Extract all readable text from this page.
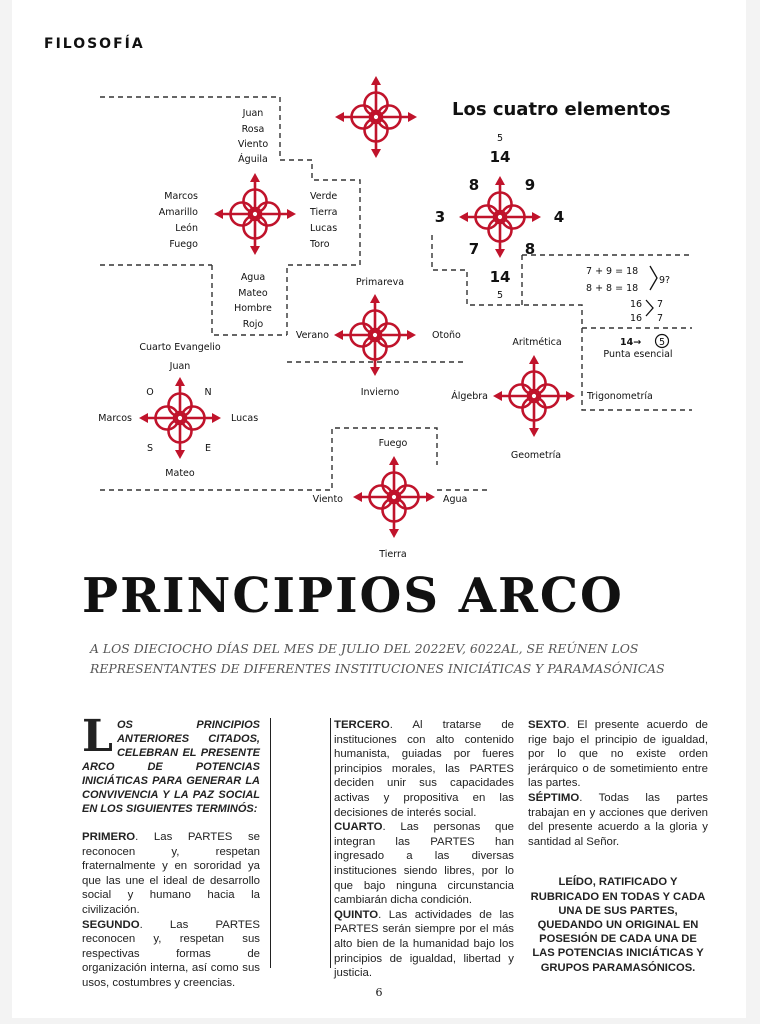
FILOSOFÍA
Los cuatro elementos
Juan
Rosa
Viento
Águila
Agua
Mateo
Hombre
Rojo
Marcos
Amarillo
León
Fuego
Verde
Tierra
Lucas
Toro
5
14
8	9
3	4
7	8
14
5
7 + 9 = 18
8 + 8 = 18
9?
16
16
7
7
14→ 5
Punta esencial
Primareva
Verano	Otoño
Invierno
Aritmética
Álgebra	Trigonometría
Geometría
Cuarto Evangelio
Juan
Marcos	Lucas
Mateo
O	N
S	E	Fuego
Viento	Agua
Tierra
PRINCIPIOS ARCO
A LOS DIECIOCHO DÍAS DEL MES DE JULIO DEL 2022EV, 6022AL, SE REÚNEN LOS REPRESENTANTES DE DIFERENTES INSTITUCIONES INICIÁTICAS Y PARAMASÓNICAS

LOS PRINCIPIOS ANTERIORES CITADOS, CELEBRAN EL PRESENTE ARCO DE POTENCIAS INICIÁTICAS PARA GENERAR LA CONVIVENCIA Y LA PAZ SOCIAL EN LOS SIGUIENTES TERMINÓS:

PRIMERO. Las PARTES se reconocen y, respetan fraternalmente y en sororidad ya que las une el ideal de desarrollo social y humano hacia la civilización.

SEGUNDO. Las PARTES reconocen y, respetan sus respectivas formas de organización interna, así como sus usos, costumbres y creencias.

TERCERO. Al tratarse de instituciones con alto contenido humanista, guiadas por fueres principios morales, las PARTES deciden unir sus capacidades activas y propositiva en las decisiones de interés social.

CUARTO. Las personas que integran las PARTES han ingresado a las diversas instituciones siendo libres, por lo que bajo ninguna circunstancia cambiarán dicha condición.

QUINTO. Las actividades de las PARTES serán siempre por el más alto bien de la humanidad bajo los principios de igualdad, libertad y justicia.

SEXTO. El presente acuerdo de rige bajo el principio de igualdad, por lo que no existe orden jerárquico o de sometimiento entre las partes.

SÉPTIMO. Todas las partes trabajan en y acciones que deriven del presente acuerdo a la gloria y santidad al Señor.

LEÍDO, RATIFICADO Y RUBRICADO EN TODAS Y CADA UNA DE SUS PARTES, QUEDANDO UN ORIGINAL EN POSESIÓN DE CADA UNA DE LAS POTENCIAS INICIÁTICAS Y GRUPOS PARAMASÓNICOS.

6
